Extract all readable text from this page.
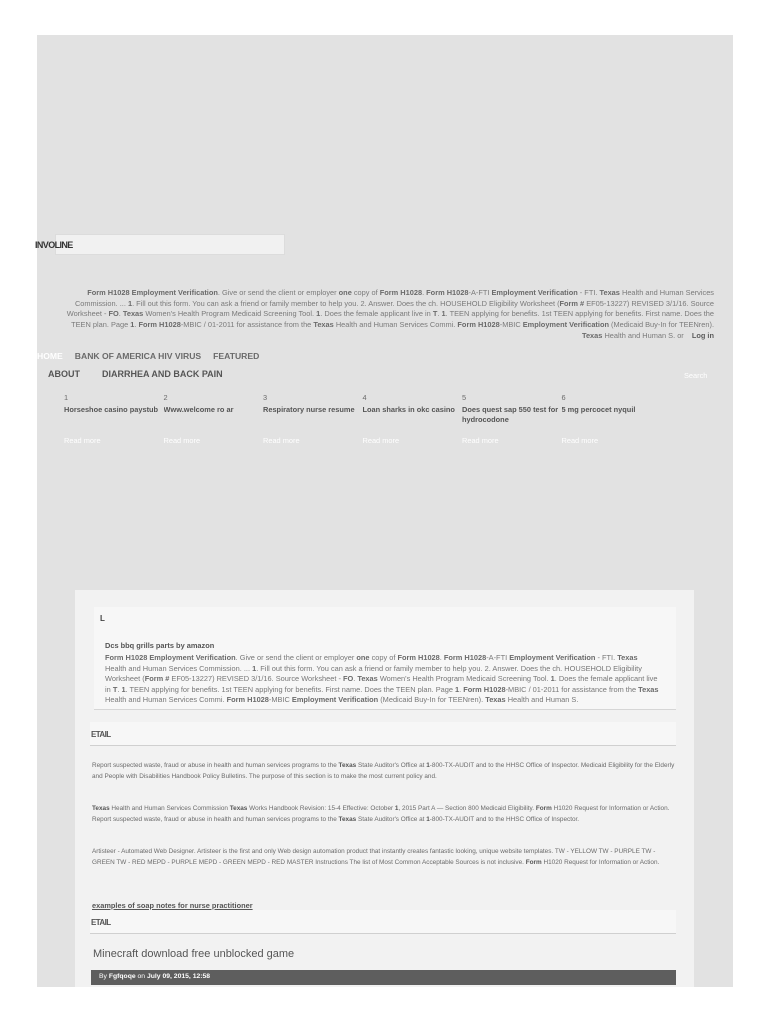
INVOLINE
Form H1028 Employment Verification. Give or send the client or employer one copy of Form H1028. Form H1028-A-FTI Employment Verification - FTI. Texas Health and Human Services Commission. ... 1. Fill out this form. You can ask a friend or family member to help you. 2. Answer. Does the ch. HOUSEHOLD Eligibility Worksheet (Form # EF05-13227) REVISED 3/1/16. Source Worksheet - FO. Texas Women's Health Program Medicaid Screening Tool. 1. Does the female applicant live in T. 1. TEEN applying for benefits. 1st TEEN applying for benefits. First name. Does the TEEN plan. Page 1. Form H1028-MBIC / 01-2011 for assistance from the Texas Health and Human Services Commi. Form H1028-MBIC Employment Verification (Medicaid Buy-In for TEENren). Texas Health and Human S. or Log in
HOME BANK OF AMERICA HIV VIRUS FEATURED
ABOUT DIARRHEA AND BACK PAIN	Search
1
Horseshoe casino paystub
Read more
2
Www.welcome ro ar
Read more
3
Respiratory nurse resume
Read more
4
Loan sharks in okc casino
Read more
5
Does quest sap 550 test for hydrocodone
Read more
6
5 mg percocet nyquil
Read more
L
Dcs bbq grills parts by amazon
Form H1028 Employment Verification. Give or send the client or employer one copy of Form H1028. Form H1028-A-FTI Employment Verification - FTI. Texas Health and Human Services Commission. ... 1. Fill out this form. You can ask a friend or family member to help you. 2. Answer. Does the ch. HOUSEHOLD Eligibility Worksheet (Form # EF05-13227) REVISED 3/1/16. Source Worksheet - FO. Texas Women's Health Program Medicaid Screening Tool. 1. Does the female applicant live in T. 1. TEEN applying for benefits. 1st TEEN applying for benefits. First name. Does the TEEN plan. Page 1. Form H1028-MBIC / 01-2011 for assistance from the Texas Health and Human Services Commi. Form H1028-MBIC Employment Verification (Medicaid Buy-In for TEENren). Texas Health and Human S.
ETAIL
Report suspected waste, fraud or abuse in health and human services programs to the Texas State Auditor's Office at 1-800-TX-AUDIT and to the HHSC Office of Inspector. Medicaid Eligibility for the Elderly and People with Disabilities Handbook Policy Bulletins. The purpose of this section is to make the most current policy and.
Texas Health and Human Services Commission Texas Works Handbook Revision: 15-4 Effective: October 1, 2015 Part A — Section 800 Medicaid Eligibility. Form H1020 Request for Information or Action. Report suspected waste, fraud or abuse in health and human services programs to the Texas State Auditor's Office at 1-800-TX-AUDIT and to the HHSC Office of Inspector.
Artisteer - Automated Web Designer. Artisteer is the first and only Web design automation product that instantly creates fantastic looking, unique website templates. TW - YELLOW TW - PURPLE TW - GREEN TW - RED MEPD - PURPLE MEPD - GREEN MEPD - RED MASTER Instructions The list of Most Common Acceptable Sources is not inclusive. Form H1020 Request for Information or Action.
examples of soap notes for nurse practitioner
ETAIL
Minecraft download free unblocked game
By Fgfqoqe on July 09, 2015, 12:58
